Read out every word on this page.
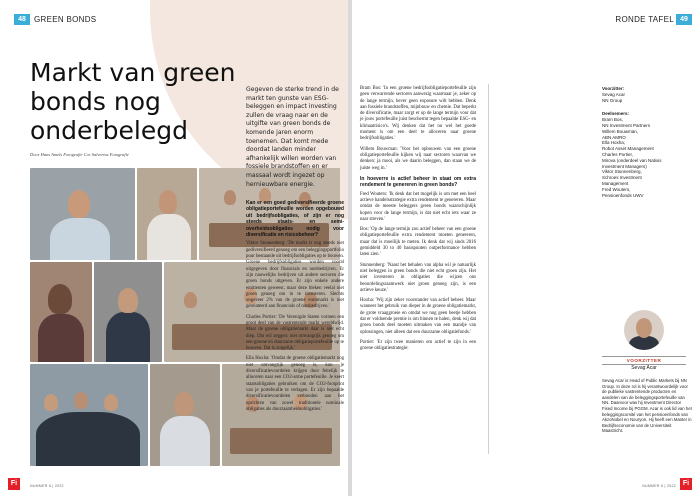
48	GREEN BONDS
Markt van green bonds nog onderbelegd
Door Hans Amels Fotografie Cor Salverius Fotografie
Gegeven de sterke trend in de markt ten gunste van ESG-beleggen en impact investing zullen de vraag naar en de uitgifte van green bonds de komende jaren enorm toenemen. Dat komt mede doordat landen minder afhankelijk willen worden van fossiele brandstoffen en er massaal wordt ingezet op hernieuwbare energie.
Kan er een goed gediversifieerde groene obligatieportefeuille worden opgebouwd uit bedrijfsobligaties, of zijn er nog steeds staats- en semi-overheidsobligaties nodig voor diversificatie en risicobeheer?

Viktor Stunnenberg: 'De markt is nog steeds niet gediversifieerd genoeg om een beleggingsportfolio puur bestaande uit bedrijfsobligaties op te bouwen. Groene bedrijfsobligaties worden vooral uitgegeven door financials en nutsbedrijven. Er zijn nauwelijks bedrijven uit andere sectoren die groen bonds uitgeven. Er zijn enkele andere emittenten geweest, maar deze bleken veelal niet groen genoeg om in te investeren. Slechts ongeveer 2% van de groene euromarkt is niet gerelateerd aan financials of nutsbedrijven.'

Charles Portier: 'De Verenigde Staten vormen een groot deel van de vastrentende markt wereldwijd. Maar de groene obligatiemarkt daar is niet echt diep. Dat wil zeggen: niet omvangrijk genoeg om een groene en duurzame obligatieportefeuille op te bouwen. Dat is zorgelijk.'

Ella Hoxha: 'Omdat de groene obligatiemarkt nog niet omvangrijk genoeg is, kun je diversificatievoordelen krijgen door feitelijk te alloceren naar een CO2-arme portefeuille. Je keert staatsobligaties gebruiken om de CO2-footprint van je portefeuille te verlagen. Er zijn bepaalde diversificatievoordelen verbonden aan het oprichten van zowel traditionele nominale obligaties als duurzaamheidsobligaties.'

NUMMER 6 | 2022
Fi
RONDE TAFEL 49

Bram Bos: 'In een groene bedrijfsobligatieportefeuille zijn geen verwarrende sectoren aanwezig waarmaar je, zeker op de lange termijn, hever geen exposure wilt hebben. Denk aan fossiele brandstoffen, mijnbouw en chemie. Dat beperkt de diversificatie, maar zorgt er op de lange termijn voor dat je jouw portefeuille juist beschermt tegen bepaalde ESG- en klimaatrisico's. Wij denken dat het nu wel het goede moment is om een deel te alloceren naar groene bedrijfsobligaties.'

Willem Bouwman: 'Voor het opbouwen van een groene obligatieportefeuille kijken wij naar sectoren waarvan we denken: ja mooi, als we daarin beleggen, dan staan we de juiste weg in.'

In hoeverre is actief beheer in staat om extra rendement te genereren in green bonds?

Fred Wouters: 'Ik denk dat het mogelijk is om met een heel actieve handelsstrategie extra rendement te genereren. Maar omdat de meeste beleggers green bonds waarschijnlijk kopen voor de lange termijn, is dat niet echt iets waar ze naar streven.'

Bos: 'Op de lange termijn zou actief beheer van een groene obligatieportefeuille extra rendement moeten genereren, maar dat is moeilijk te meten. Ik denk dat wij sinds 2016 gemiddeld 30 to 40 basispunten outperformance hebben laten zien.'

Stunnenberg: 'Naast het behalen van alpha wil je natuurlijk niet beleggen in green bonds die niet echt groen zijn. Het niet investeren in obligaties die wijzen ons beoordelingsraamwerk niet groen genoeg zijn, is een actieve keuze.'

Hoxha: 'Wij zijn zeker voorstander van actief beheer. Maar wanneer het gebruik van dieper in de groene obligatiemarkt, de grote vraaggroeie en omdat we nog geen beetje hebben dat er voldoende premie is om binnen te halen, denk wij dat groen bonds deel moeten uitmaken van een mandje van oplossingen, niet alleen dat een duurzame obligatiefonds.'

Portier: 'Er zijn twee manieren om actief te zijn in een groene obligatiestrategie:

Voorzitter:
Sevag Acar
NN Group
Deelnemers:
Bram Bos,
NN Investment Partners
Willem Bouwman,
ABN AMRO
Ella Hoxha,
Robot Asset Management
Charles Portier,
Mirova (onderdeel van Natixis
Investment Managers)
Viktor Stunnenberg,
Schroes Investment
Management
Fred Wouters,
Pensioenfonds UWV
VOORZITTER
Sevag Acar
Sevag Acar is Head of Public Markets bij NN Group. In deze rol is hij verantwoordelijk voor de publieke vastrentende producten en aandelen van de beleggingsportefeuille van NN. Daarvoor was hij Investment Director Fixed Income bij PGGM. Acar is ook lid van het beleggingscomité van het pensioenfonds van AkzoNobel en Nouryon. Hij heeft een Master in Bedrijfseconomie van de Universiteit Maastricht.
NUMMER 6 | 2022 Fi
